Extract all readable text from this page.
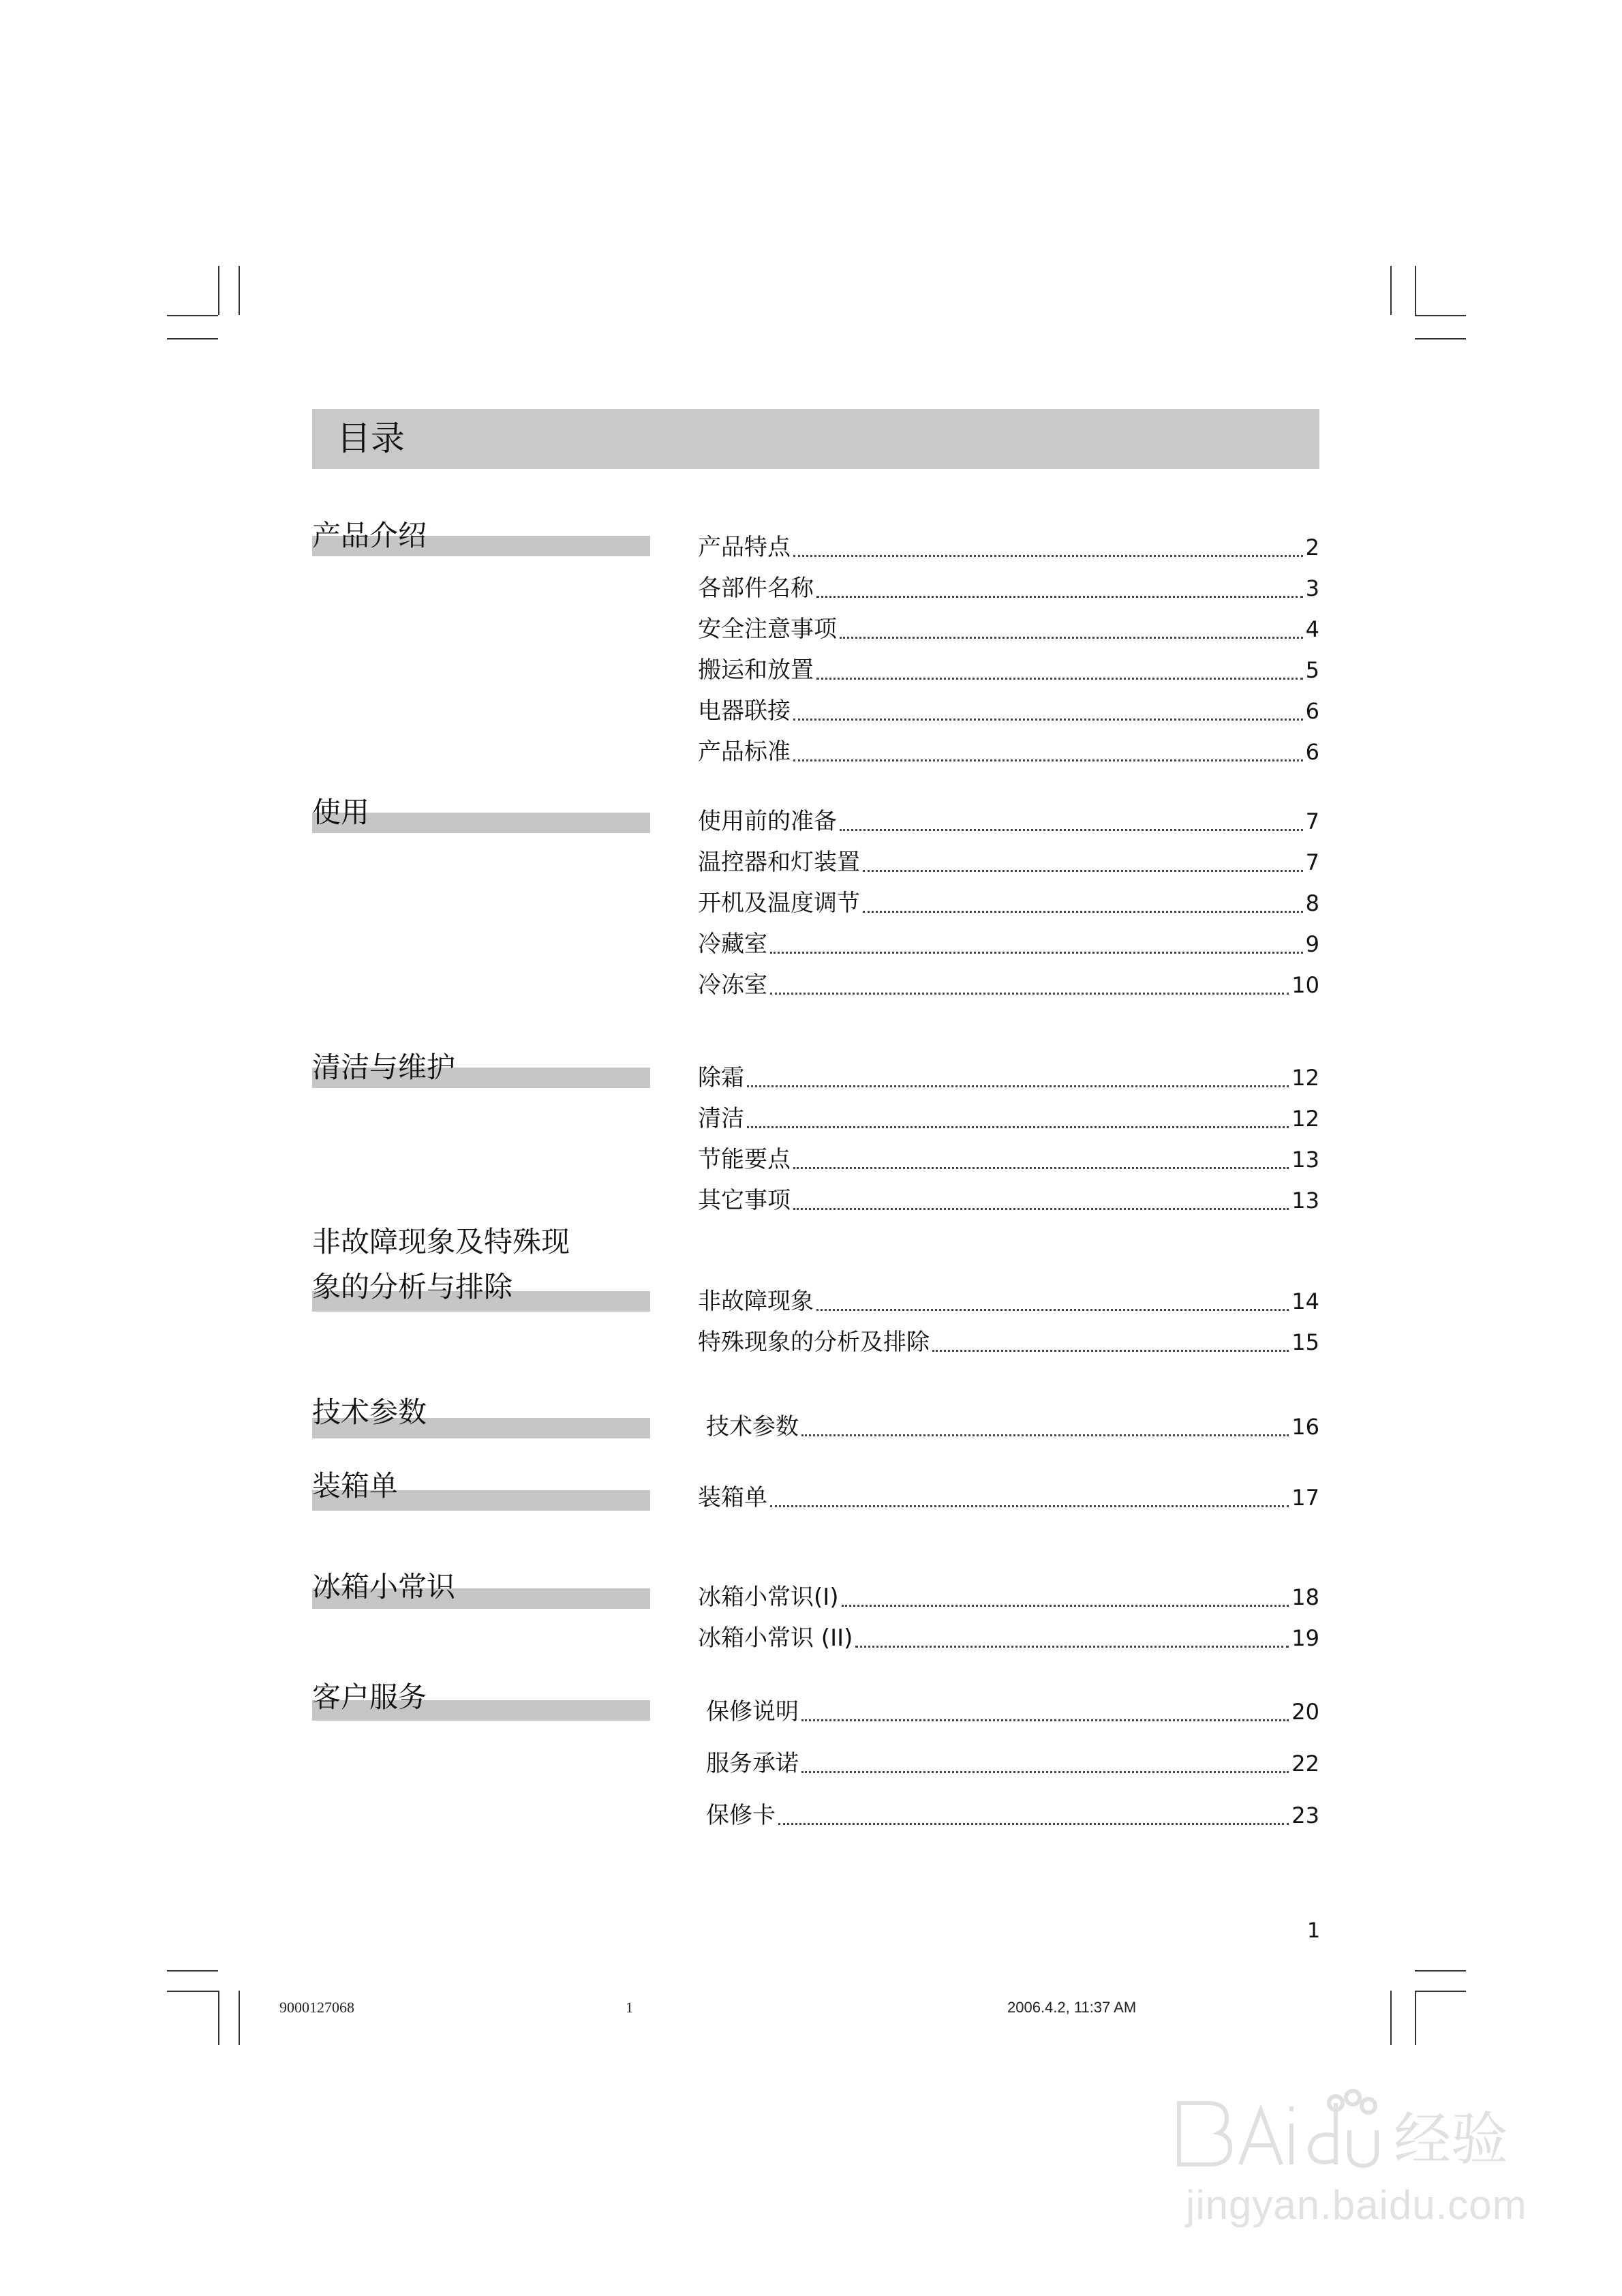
目录
产品介绍	产品特点	2
各部件名称	3
安全注意事项	4
搬运和放置	5
电器联接	6
产品标准	6
使用	使用前的准备	7
温控器和灯装置	7
开机及温度调节	8
冷藏室	9
冷冻室	10
清洁与维护	除霜	12
清洁	12
节能要点	13
其它事项	13
非故障现象及特殊现
象的分析与排除	非故障现象	14
特殊现象的分析及排除	15
技术参数	技术参数	16
装箱单	装箱单	17
冰箱小常识	冰箱小常识(I)	18
冰箱小常识 (II)	19
客户服务	保修说明	20
服务承诺	22
保修卡	23
1
9000127068	1	2006.4.2, 11:37 AM
经验
jingyan.baidu.com
